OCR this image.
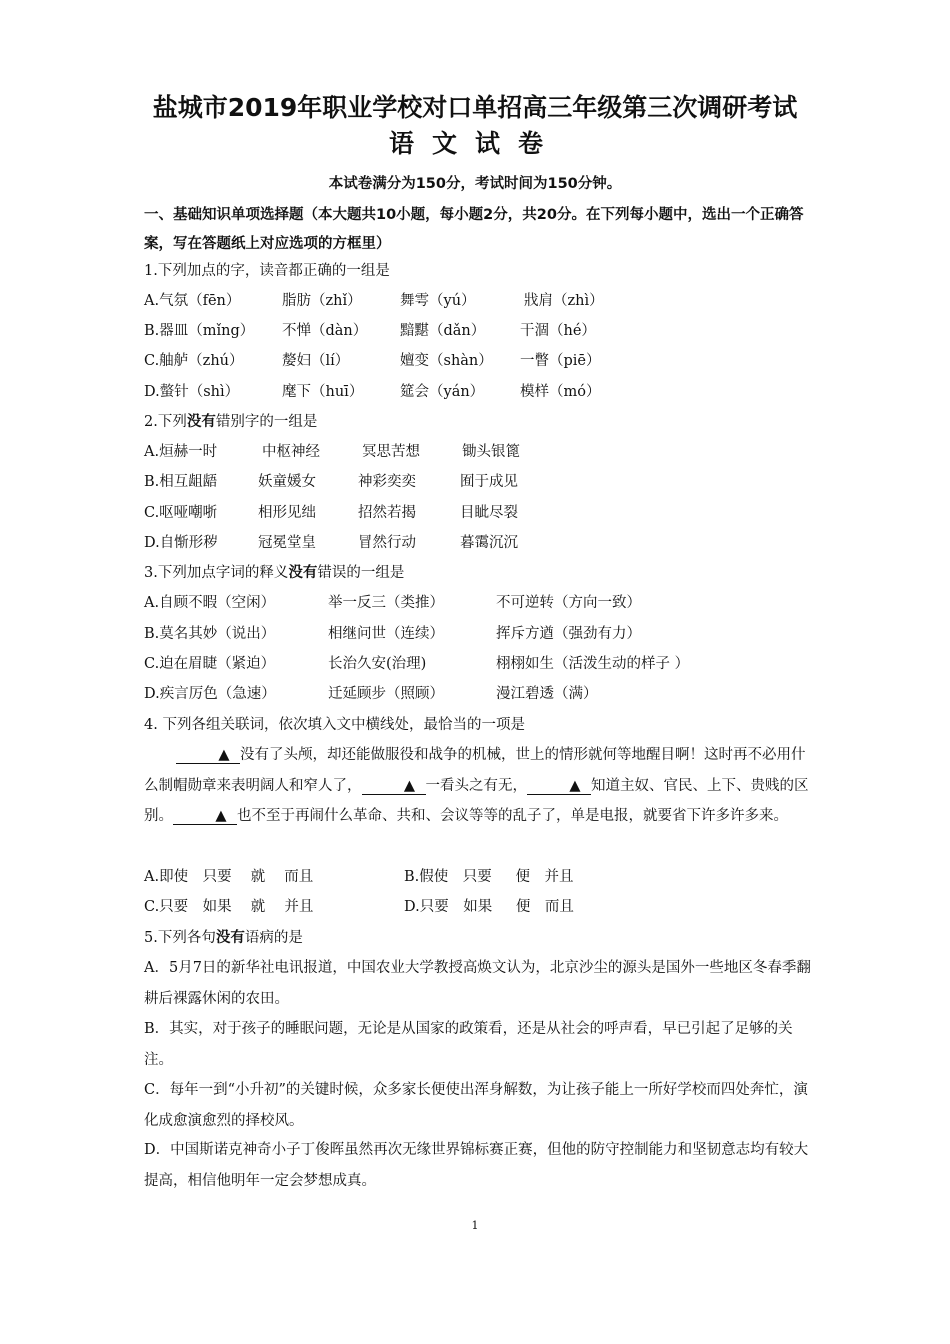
盐城市2019年职业学校对口单招高三年级第三次调研考试
语文试卷
本试卷满分为150分，考试时间为150分钟。
一、基础知识单项选择题（本大题共10小题，每小题2分，共20分。在下列每小题中，选出一个正确答案，写在答题纸上对应选项的方框里）
1.下列加点的字，读音都正确的一组是
A.气氛（fēn）	脂肪（zhǐ）	舞雩（yú）	戕肩（zhì）
B.器皿（mǐng） 不惮（dàn） 黯黮（dǎn） 干涸（hé）
C.舳舻（zhú）	嫠妇（lí）	嬗变（shàn） 一瞥（piē）
D.螫针（shì）	麾下（huī）	筵会（yán） 模样（mó）
2.下列没有错别字的一组是
A.烜赫一时	中枢神经	冥思苦想	锄头银篦
B.相互龃龉	妖童媛女	神彩奕奕	囿于成见
C.呕哑嘲哳	相形见绌	招然若揭	目眦尽裂
D.自惭形秽	冠冕堂皇	冒然行动	暮霭沉沉
3.下列加点字词的释义没有错误的一组是
A.自顾不暇（空闲）	举一反三（类推）	不可逆转（方向一致）
B.莫名其妙（说出）	相继问世（连续）	挥斥方遒（强劲有力）
C.迫在眉睫（紧迫）	长治久安(治理)	栩栩如生（活泼生动的样子 ）
D.疾言厉色（急速）	迁延顾步（照顾）	漫江碧透（满）
4. 下列各组关联词，依次填入文中横线处，最恰当的一项是
▲ 没有了头颅，却还能做服役和战争的机械，世上的情形就何等地醒目啊！这时再不必用什么制帽勋章来表明阔人和窄人了，	▲ 一看头之有无，	▲ 知道主奴、官民、上下、贵贱的区别。	▲ 也不至于再闹什么革命、共和、会议等等的乱子了，单是电报，就要省下许多许多来。
A.即使　只要　 就　 而且	B.假使　只要 　 便　并且
C.只要　如果　 就　 并且	D.只要　如果 　 便　而且
5.下列各句没有语病的是
A．5月7日的新华社电讯报道，中国农业大学教授高焕文认为，北京沙尘的源头是国外一些地区冬春季翻耕后裸露休闲的农田。
B．其实，对于孩子的睡眠问题，无论是从国家的政策看，还是从社会的呼声看，早已引起了足够的关注。
C．每年一到“小升初”的关键时候，众多家长便使出浑身解数，为让孩子能上一所好学校而四处奔忙，演化成愈演愈烈的择校风。
D．中国斯诺克神奇小子丁俊晖虽然再次无缘世界锦标赛正赛，但他的防守控制能力和坚韧意志均有较大提高，相信他明年一定会梦想成真。
1
